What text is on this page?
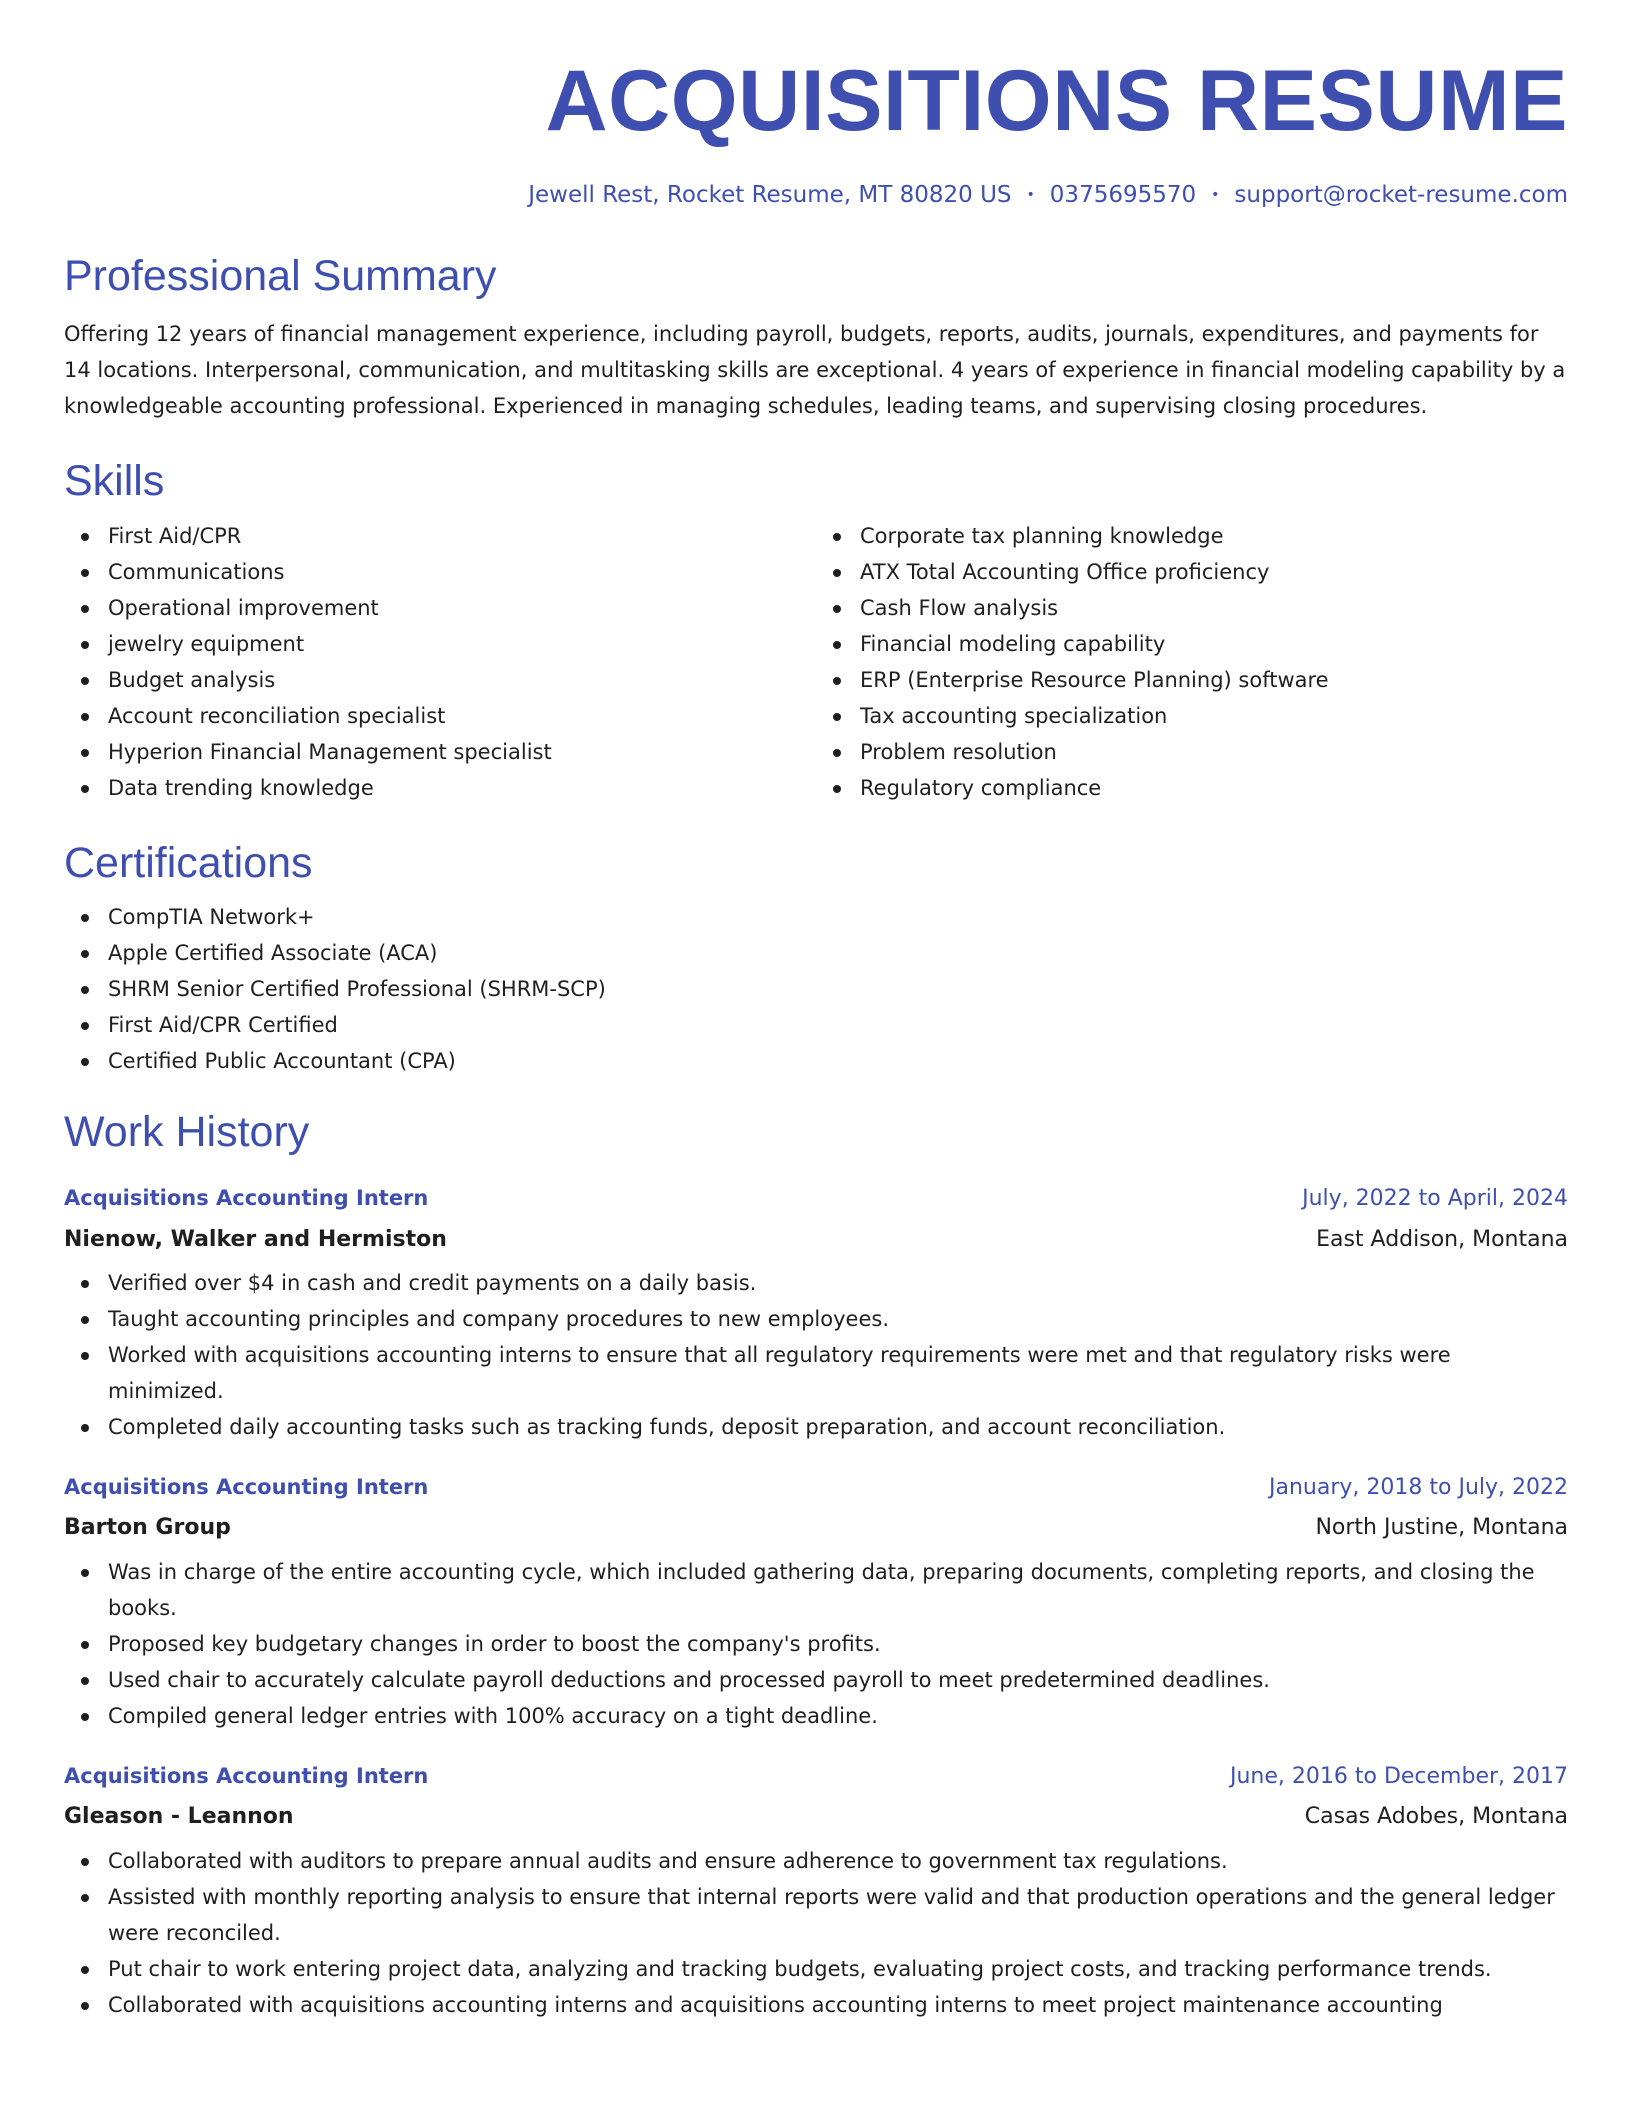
ACQUISITIONS RESUME
Jewell Rest, Rocket Resume, MT 80820 US • 0375695570 • support@rocket-resume.com
Professional Summary

Offering 12 years of financial management experience, including payroll, budgets, reports, audits, journals, expenditures, and payments for 14 locations. Interpersonal, communication, and multitasking skills are exceptional. 4 years of experience in financial modeling capability by a knowledgeable accounting professional. Experienced in managing schedules, leading teams, and supervising closing procedures.

Skills
First Aid/CPR
Communications
Operational improvement
jewelry equipment
Budget analysis
Account reconciliation specialist
Hyperion Financial Management specialist
Data trending knowledge
Corporate tax planning knowledge
ATX Total Accounting Office proficiency
Cash Flow analysis
Financial modeling capability
ERP (Enterprise Resource Planning) software
Tax accounting specialization
Problem resolution
Regulatory compliance
Certifications
CompTIA Network+
Apple Certified Associate (ACA)
SHRM Senior Certified Professional (SHRM-SCP)
First Aid/CPR Certified
Certified Public Accountant (CPA)
Work History
Acquisitions Accounting Intern	July, 2022 to April, 2024
Nienow, Walker and Hermiston	East Addison, Montana
Verified over $4 in cash and credit payments on a daily basis.
Taught accounting principles and company procedures to new employees.
Worked with acquisitions accounting interns to ensure that all regulatory requirements were met and that regulatory risks were minimized.
Completed daily accounting tasks such as tracking funds, deposit preparation, and account reconciliation.
Acquisitions Accounting Intern	January, 2018 to July, 2022
Barton Group	North Justine, Montana
Was in charge of the entire accounting cycle, which included gathering data, preparing documents, completing reports, and closing the books.
Proposed key budgetary changes in order to boost the company's profits.
Used chair to accurately calculate payroll deductions and processed payroll to meet predetermined deadlines.
Compiled general ledger entries with 100% accuracy on a tight deadline.
Acquisitions Accounting Intern	June, 2016 to December, 2017
Gleason - Leannon	Casas Adobes, Montana
Collaborated with auditors to prepare annual audits and ensure adherence to government tax regulations.
Assisted with monthly reporting analysis to ensure that internal reports were valid and that production operations and the general ledger were reconciled.
Put chair to work entering project data, analyzing and tracking budgets, evaluating project costs, and tracking performance trends.
Collaborated with acquisitions accounting interns and acquisitions accounting interns to meet project maintenance accounting
